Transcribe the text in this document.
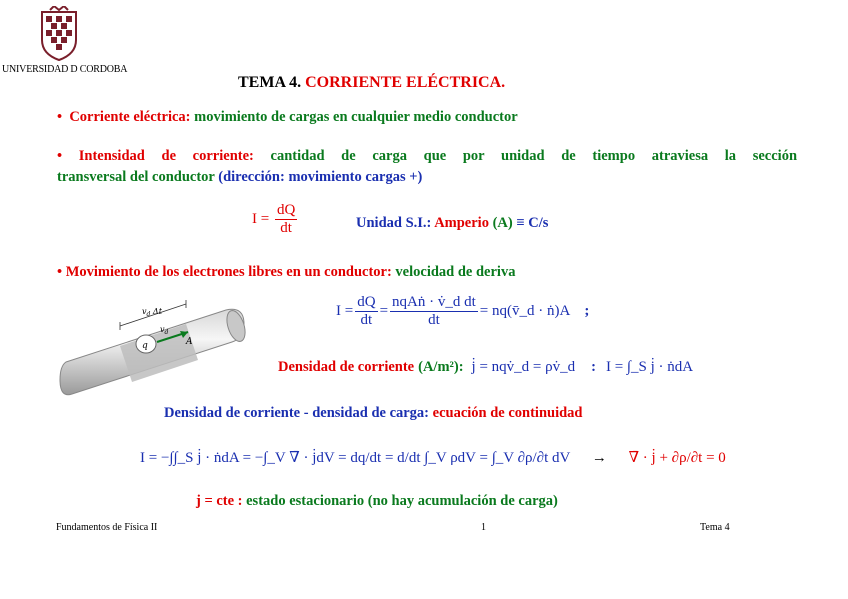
UNIVERSIDAD D CORDOBA
TEMA 4. CORRIENTE ELÉCTRICA.
• Corriente eléctrica: movimiento de cargas en cualquier medio conductor
• Intensidad de corriente: cantidad de carga que por unidad de tiempo atraviesa la sección
transversal del conductor (dirección: movimiento cargas +)
$I = \frac{dQ}{dt}$	Unidad S.I.: Amperio (A) ≡ C/s
• Movimiento de los electrones libres en un conductor: velocidad de deriva
q
$v_d$
A
$v_d$ Δt	$I = \frac{dQ}{dt} = \frac{\text{nqAṅ · v̇\_d dt}}{dt}$ = nq(v̄_d · ṅ)A ;
Densidad de corriente (A/m²): j̇ = nqv̇_d = ρv̇_d : I = ∫_S j̇ · ṅdA
Densidad de corriente - densidad de carga: ecuación de continuidad
I = −∫∫_S j̇ · ṅdA = −∫_V ∇̄ · j̇dV = dq/dt = d/dt ∫_V ρdV = ∫_V ∂ρ/∂t dV → ∇̄ · j̇ + ∂ρ/∂t = 0
j = cte : estado estacionario (no hay acumulación de carga)
Fundamentos de Física II	1	Tema 4
